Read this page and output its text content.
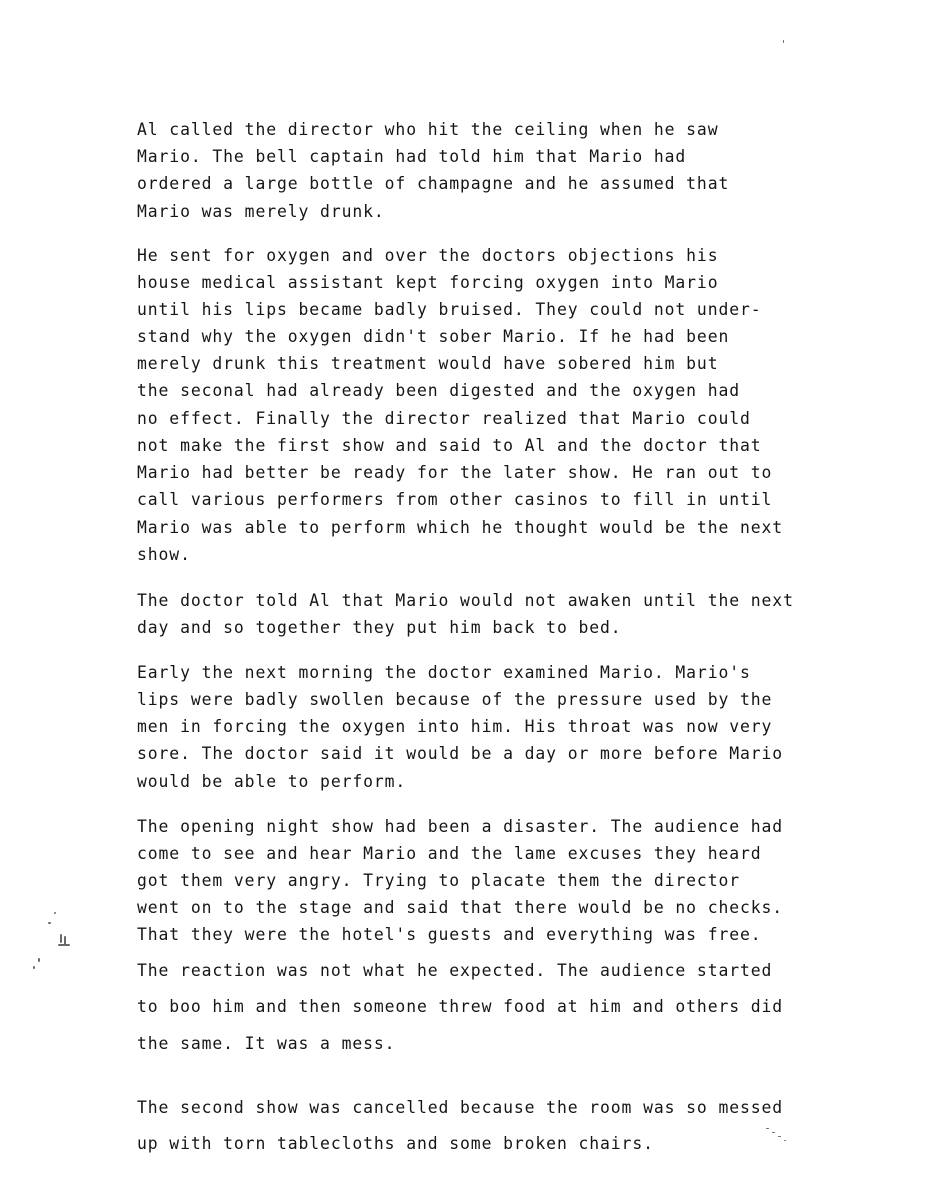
Al called the director who hit the ceiling when he saw
Mario. The bell captain had told him that Mario had
ordered a large bottle of champagne and he assumed that
Mario was merely drunk.
He sent for oxygen and over the doctors objections his
house medical assistant kept forcing oxygen into Mario
until his lips became badly bruised. They could not under-
stand why the oxygen didn't sober Mario. If he had been
merely drunk this treatment would have sobered him but
the seconal had already been digested and the oxygen had
no effect. Finally the director realized that Mario could
not make the first show and said to Al and the doctor that
Mario had better be ready for the later show. He ran out to
call various performers from other casinos to fill in until
Mario was able to perform which he thought would be the next
show.
The doctor told Al that Mario would not awaken until the next
day and so together they put him back to bed.
Early the next morning the doctor examined Mario. Mario's
lips were badly swollen because of the pressure used by the
men in forcing the oxygen into him. His throat was now very
sore. The doctor said it would be a day or more before Mario
would be able to perform.
The opening night show had been a disaster. The audience had
come to see and hear Mario and the lame excuses they heard
got them very angry. Trying to placate them the director
went on to the stage and said that there would be no checks.
That they were the hotel's guests and everything was free.
The reaction was not what he expected. The audience started
to boo him and then someone threw food at him and others did
the same. It was a mess.
The second show was cancelled because the room was so messed
up with torn tablecloths and some broken chairs.
